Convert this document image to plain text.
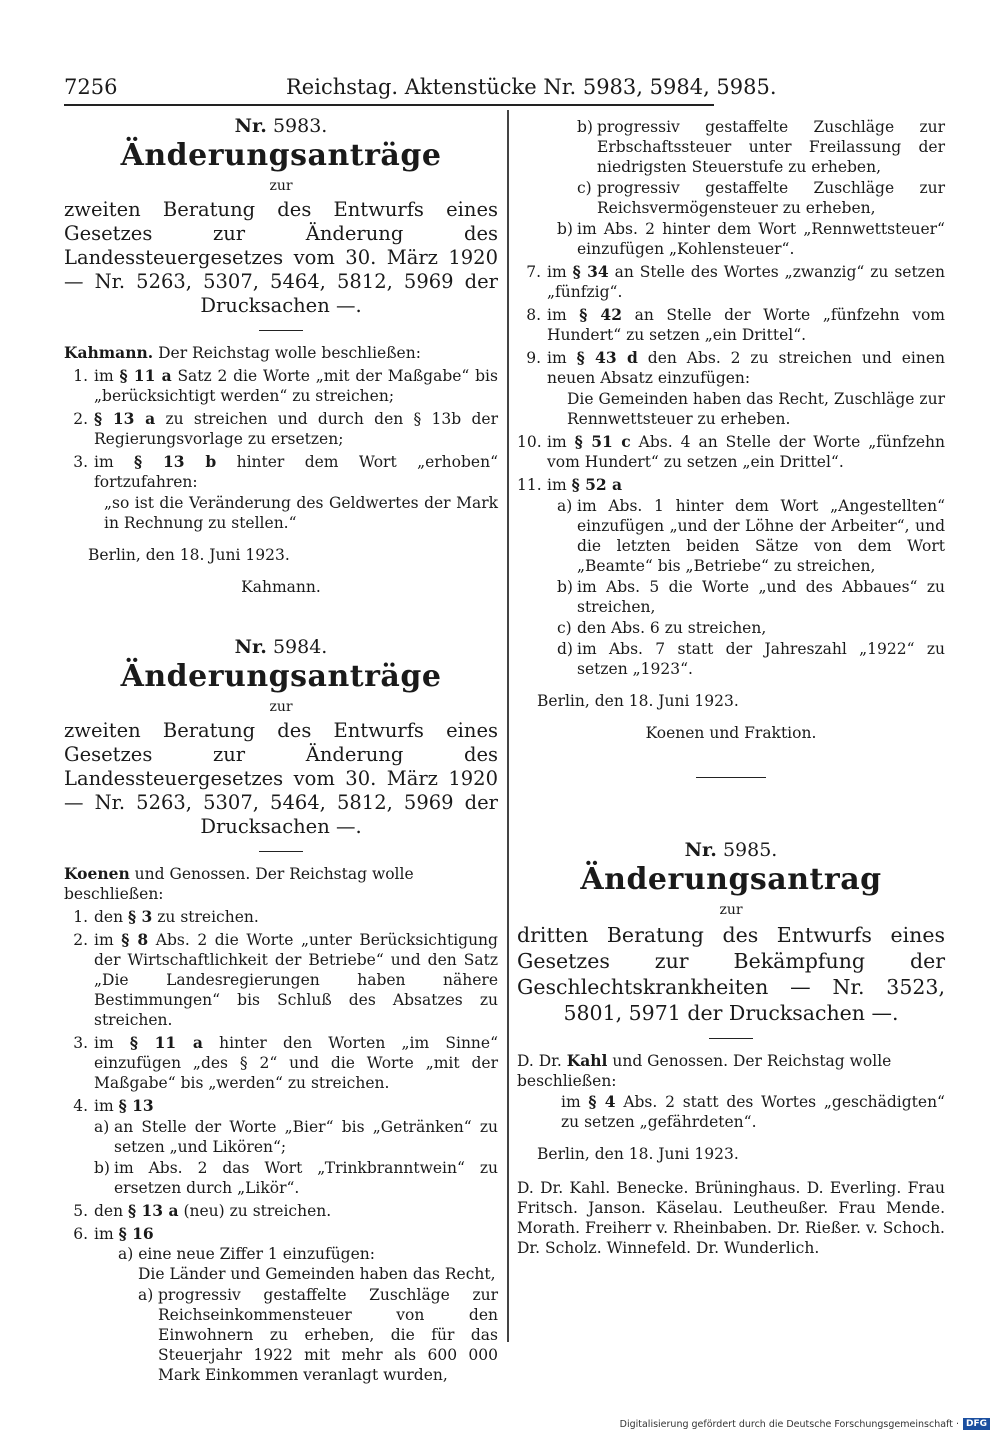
7256	Reichstag. Aktenstücke Nr. 5983, 5984, 5985.

Nr. 5983.

Änderungsanträge

zur

zweiten Beratung des Entwurfs eines Gesetzes zur Änderung des Landessteuergesetzes vom 30. März 1920 — Nr. 5263, 5307, 5464, 5812, 5969 der Drucksachen —.

Kahmann. Der Reichstag wolle beschließen:

1. im § 11 a Satz 2 die Worte „mit der Maßgabe“ bis „berücksichtigt werden“ zu streichen;
2. § 13 a zu streichen und durch den § 13b der Regierungsvorlage zu ersetzen;
3. im § 13 b hinter dem Wort „erhoben“ fortzufahren:

„so ist die Veränderung des Geldwertes der Mark in Rechnung zu stellen.“

Berlin, den 18. Juni 1923.

Kahmann.

Nr. 5984.

Änderungsanträge

zur

zweiten Beratung des Entwurfs eines Gesetzes zur Änderung des Landessteuergesetzes vom 30. März 1920 — Nr. 5263, 5307, 5464, 5812, 5969 der Drucksachen —.

Koenen und Genossen. Der Reichstag wolle beschließen:

1. den § 3 zu streichen.
2. im § 8 Abs. 2 die Worte „unter Berücksichtigung der Wirtschaftlichkeit der Betriebe“ und den Satz „Die Landesregierungen haben nähere Bestimmungen“ bis Schluß des Absatzes zu streichen.
3. im § 11 a hinter den Worten „im Sinne“ einzufügen „des § 2“ und die Worte „mit der Maßgabe“ bis „werden“ zu streichen.
4. im § 13
a) an Stelle der Worte „Bier“ bis „Getränken“ zu setzen „und Likören“;
b) im Abs. 2 das Wort „Trinkbranntwein“ zu ersetzen durch „Likör“.
5. den § 13 a (neu) zu streichen.
6. im § 16

a) eine neue Ziffer 1 einzufügen:

Die Länder und Gemeinden haben das Recht,

a) progressiv gestaffelte Zuschläge zur Reichseinkommensteuer von den Einwohnern zu erheben, die für das Steuerjahr 1922 mit mehr als 600 000 Mark Einkommen veranlagt wurden,
b) progressiv gestaffelte Zuschläge zur Erbschaftssteuer unter Freilassung der niedrigsten Steuerstufe zu erheben,
c) progressiv gestaffelte Zuschläge zur Reichsvermögensteuer zu erheben,
b) im Abs. 2 hinter dem Wort „Rennwettsteuer“ einzufügen „Kohlensteuer“.
7. im § 34 an Stelle des Wortes „zwanzig“ zu setzen „fünfzig“.
8. im § 42 an Stelle der Worte „fünfzehn vom Hundert“ zu setzen „ein Drittel“.
9. im § 43 d den Abs. 2 zu streichen und einen neuen Absatz einzufügen:

Die Gemeinden haben das Recht, Zuschläge zur Rennwettsteuer zu erheben.

10. im § 51 c Abs. 4 an Stelle der Worte „fünfzehn vom Hundert“ zu setzen „ein Drittel“.
11. im § 52 a
a) im Abs. 1 hinter dem Wort „Angestellten“ einzufügen „und der Löhne der Arbeiter“, und die letzten beiden Sätze von dem Wort „Beamte“ bis „Betriebe“ zu streichen,
b) im Abs. 5 die Worte „und des Abbaues“ zu streichen,
c) den Abs. 6 zu streichen,
d) im Abs. 7 statt der Jahreszahl „1922“ zu setzen „1923“.

Berlin, den 18. Juni 1923.

Koenen und Fraktion.

Nr. 5985.

Änderungsantrag

zur

dritten Beratung des Entwurfs eines Gesetzes zur Bekämpfung der Geschlechtskrankheiten — Nr. 3523, 5801, 5971 der Drucksachen —.

D. Dr. Kahl und Genossen. Der Reichstag wolle beschließen:

im § 4 Abs. 2 statt des Wortes „geschädigten“ zu setzen „gefährdeten“.

Berlin, den 18. Juni 1923.

D. Dr. Kahl. Benecke. Brüninghaus. D. Everling. Frau Fritsch. Janson. Käselau. Leutheußer. Frau Mende. Morath. Freiherr v. Rheinbaben. Dr. Rießer. v. Schoch. Dr. Scholz. Winnefeld. Dr. Wunderlich.

Digitalisierung gefördert durch die Deutsche Forschungsgemeinschaft · DFG
